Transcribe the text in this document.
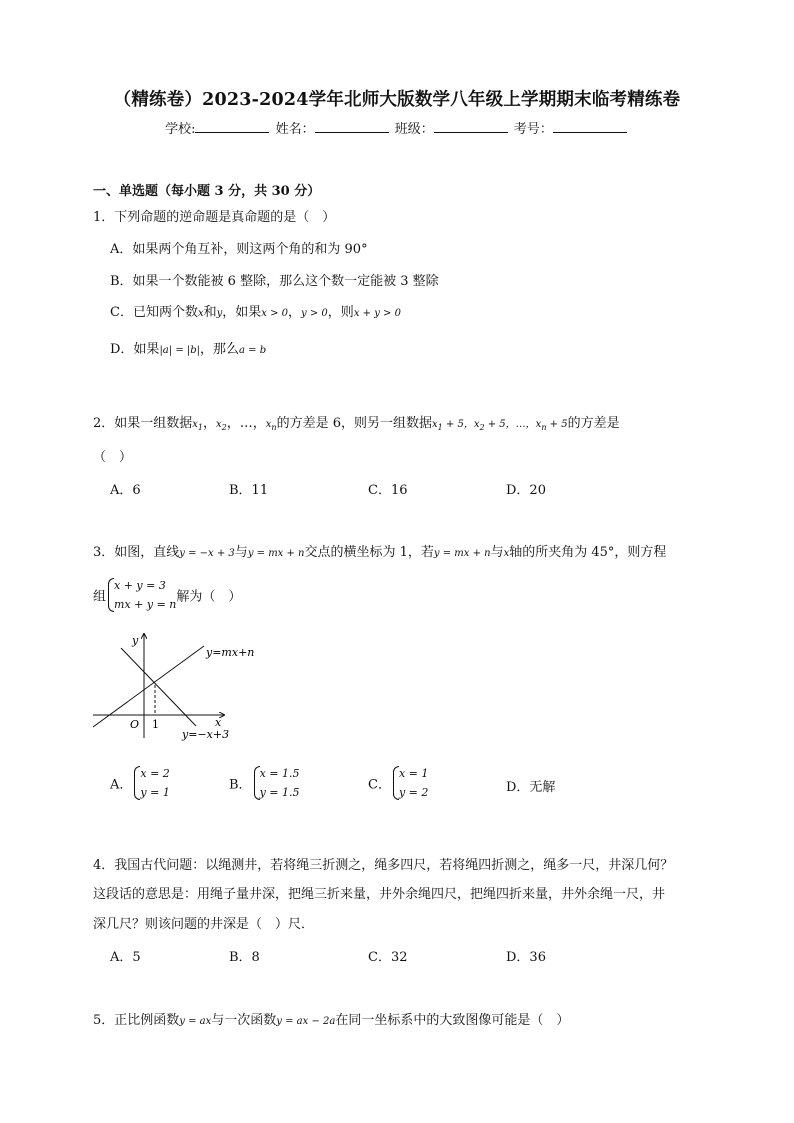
（精练卷）2023-2024学年北师大版数学八年级上学期期末临考精练卷
学校:	姓名：	班级：	考号：
一、单选题（每小题 3 分，共 30 分）
1．下列命题的逆命题是真命题的是（　）
A．如果两个角互补，则这两个角的和为 90°
B．如果一个数能被 6 整除，那么这个数一定能被 3 整除
C．已知两个数x和y，如果x > 0，y > 0，则x + y > 0
D．如果|a| = |b|，那么a = b
2．如果一组数据$x_1$，$x_2$，…，$x_n$的方差是 6，则另一组数据$x_1 + 5$，$x_2 + 5$，…，$x_n + 5$的方差是
（　）
A．6	B．11	C．16	D．20
3．如图，直线y = −x + 3与y = mx + n交点的横坐标为 1，若y = mx + n与x轴的所夹角为 45°，则方程
组
x + y = 3
mx + y = n 解为（　）
y
x
O 1
y=mx+n
y=−x+3
A．
x = 2
y = 1	B．
x = 1.5
y = 1.5	C．
x = 1
y = 2	D．无解
4．我国古代问题：以绳测井，若将绳三折测之，绳多四尺，若将绳四折测之，绳多一尺，井深几何？
这段话的意思是：用绳子量井深，把绳三折来量，井外余绳四尺，把绳四折来量，井外余绳一尺，井
深几尺？则该问题的井深是（　）尺．
A．5	B．8	C．32	D．36
5．正比例函数y = ax与一次函数y = ax − 2a在同一坐标系中的大致图像可能是（　）
